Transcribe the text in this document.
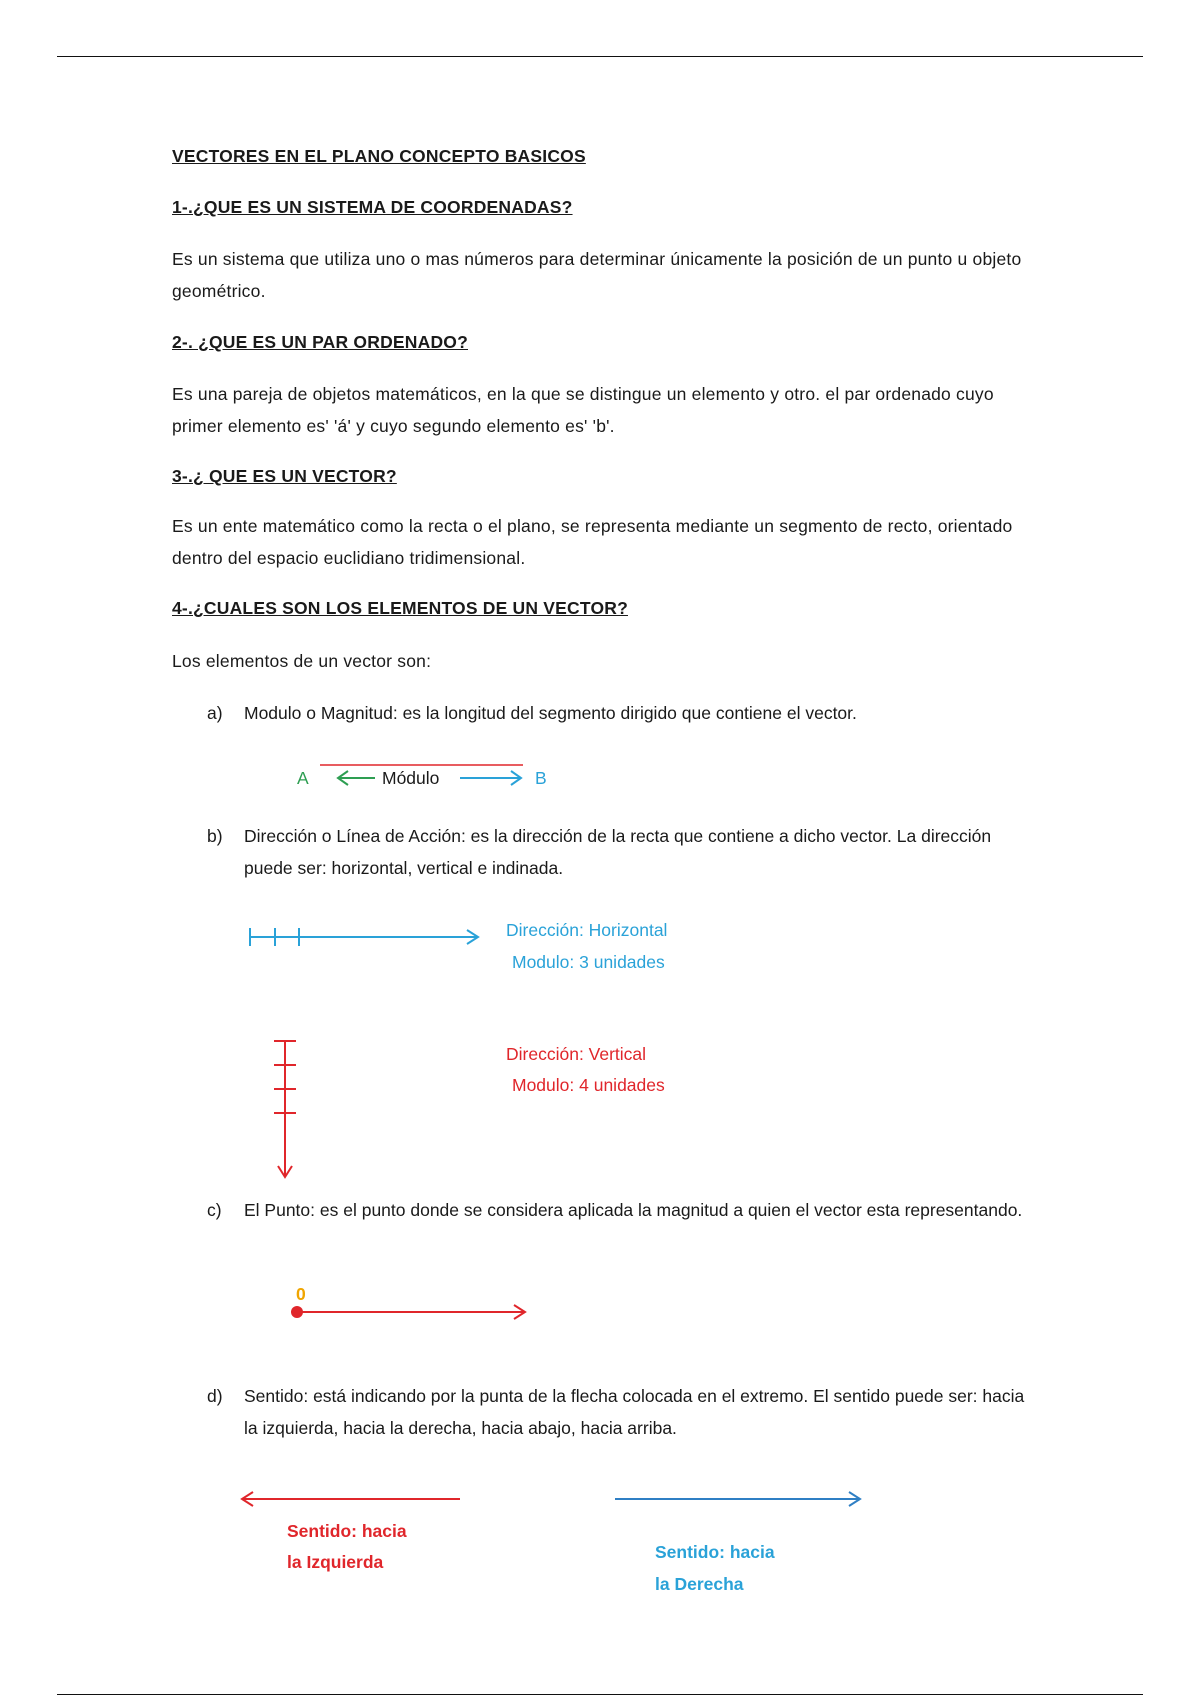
VECTORES EN EL PLANO CONCEPTO BASICOS
1-.¿QUE ES UN SISTEMA DE COORDENADAS?
Es un sistema que utiliza uno o mas números para determinar únicamente la posición de un punto u objeto geométrico.
2-. ¿QUE ES UN PAR ORDENADO?
Es una pareja de objetos matemáticos, en la que se distingue un elemento y otro. el par ordenado cuyo primer elemento es' 'á' y cuyo segundo elemento es' 'b'.
3-.¿ QUE ES UN VECTOR?
Es un ente matemático como la recta o el plano, se representa mediante un segmento de recto, orientado dentro del espacio euclidiano tridimensional.
4-.¿CUALES SON LOS ELEMENTOS DE UN VECTOR?
Los elementos de un vector son:
a) Modulo o Magnitud: es la longitud del segmento dirigido que contiene el vector.
A	Módulo	B
b) Dirección o Línea de Acción: es la dirección de la recta que contiene a dicho vector. La dirección puede ser: horizontal, vertical e indinada.
Dirección: Horizontal
Modulo: 3 unidades
Dirección: Vertical
Modulo: 4 unidades
c) El Punto: es el punto donde se considera aplicada la magnitud a quien el vector esta representando.
0
d) Sentido: está indicando por la punta de la flecha colocada en el extremo. El sentido puede ser: hacia la izquierda, hacia la derecha, hacia abajo, hacia arriba.
Sentido: hacia
la Izquierda	Sentido: hacia
la Derecha
